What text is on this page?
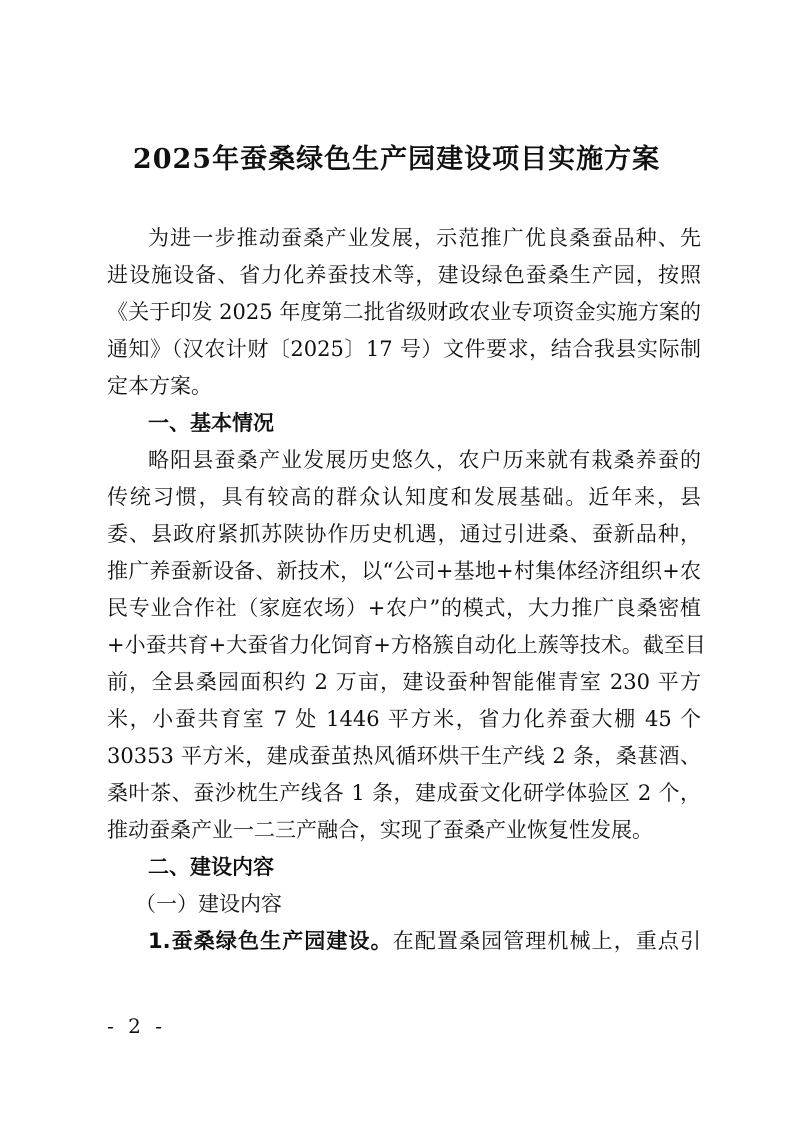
2025年蚕桑绿色生产园建设项目实施方案
为进一步推动蚕桑产业发展，示范推广优良桑蚕品种、先
进设施设备、省力化养蚕技术等，建设绿色蚕桑生产园，按照
《关于印发 2025 年度第二批省级财政农业专项资金实施方案的
通知》（汉农计财〔2025〕17 号）文件要求，结合我县实际制
定本方案。
一、基本情况
略阳县蚕桑产业发展历史悠久，农户历来就有栽桑养蚕的
传统习惯，具有较高的群众认知度和发展基础。近年来，县
委、县政府紧抓苏陕协作历史机遇，通过引进桑、蚕新品种，
推广养蚕新设备、新技术，以“公司+基地+村集体经济组织+农
民专业合作社（家庭农场）+农户”的模式，大力推广良桑密植
+小蚕共育+大蚕省力化饲育+方格簇自动化上蔟等技术。截至目
前，全县桑园面积约 2 万亩，建设蚕种智能催青室 230 平方
米，小蚕共育室 7 处 1446 平方米，省力化养蚕大棚 45 个
30353 平方米，建成蚕茧热风循环烘干生产线 2 条，桑葚酒、
桑叶茶、蚕沙枕生产线各 1 条，建成蚕文化研学体验区 2 个，
推动蚕桑产业一二三产融合，实现了蚕桑产业恢复性发展。
二、建设内容
（一）建设内容
1.蚕桑绿色生产园建设。在配置桑园管理机械上，重点引
- 2 -
